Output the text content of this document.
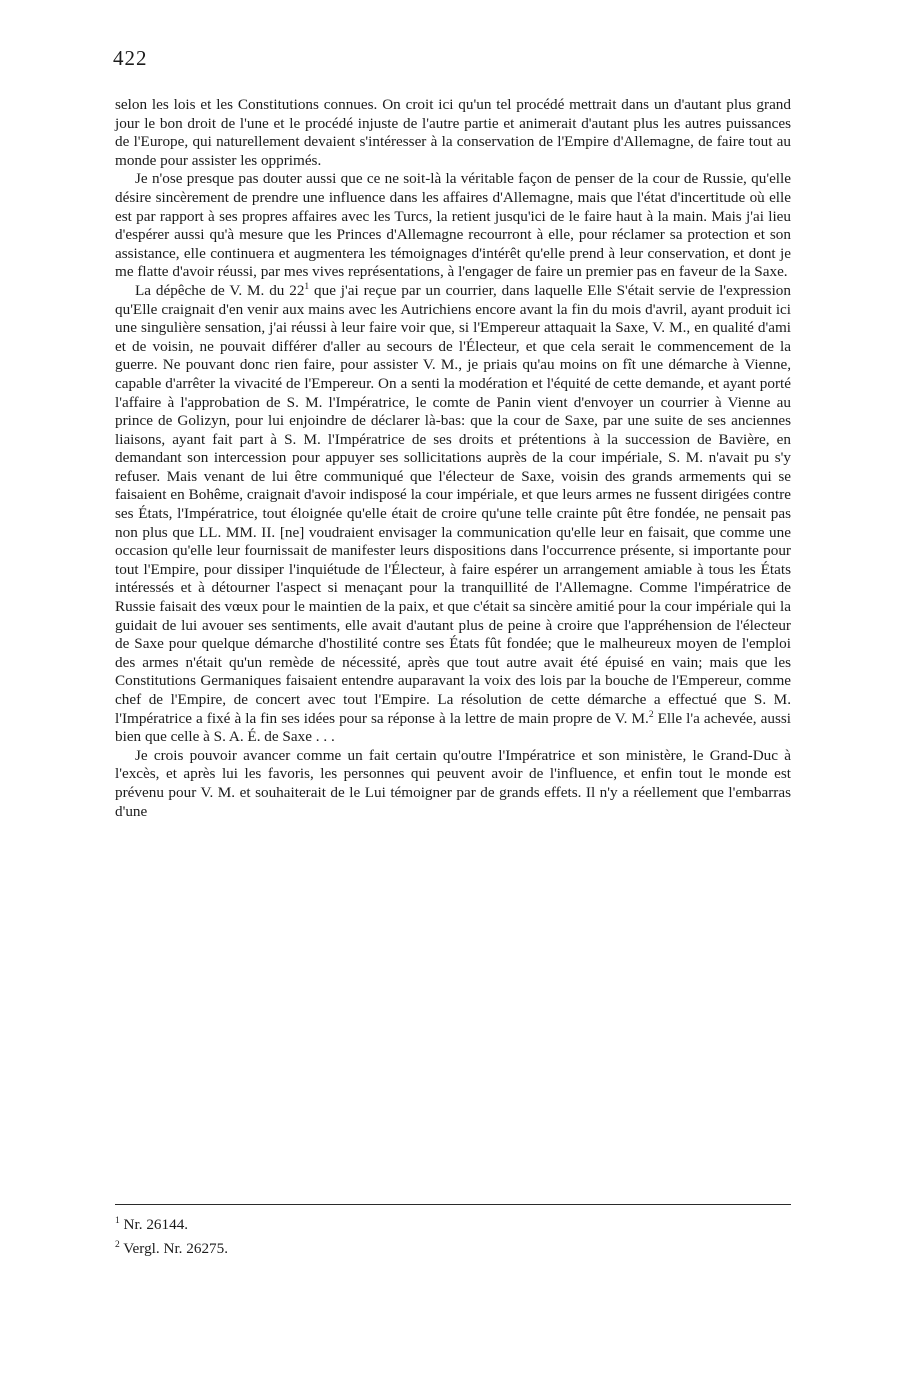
422

selon les lois et les Constitutions connues. On croit ici qu'un tel procédé mettrait dans un d'autant plus grand jour le bon droit de l'une et le procédé injuste de l'autre partie et animerait d'autant plus les autres puissances de l'Europe, qui naturellement devaient s'intéresser à la conservation de l'Empire d'Allemagne, de faire tout au monde pour assister les opprimés.

Je n'ose presque pas douter aussi que ce ne soit-là la véritable façon de penser de la cour de Russie, qu'elle désire sincèrement de prendre une influence dans les affaires d'Allemagne, mais que l'état d'incertitude où elle est par rapport à ses propres affaires avec les Turcs, la retient jusqu'ici de le faire haut à la main. Mais j'ai lieu d'espérer aussi qu'à mesure que les Princes d'Allemagne recourront à elle, pour réclamer sa protection et son assistance, elle continuera et augmentera les témoignages d'intérêt qu'elle prend à leur conservation, et dont je me flatte d'avoir réussi, par mes vives représentations, à l'engager de faire un premier pas en faveur de la Saxe.

La dépêche de V. M. du $22^1$ que j'ai reçue par un courrier, dans laquelle Elle S'était servie de l'expression qu'Elle craignait d'en venir aux mains avec les Autrichiens encore avant la fin du mois d'avril, ayant produit ici une singulière sensation, j'ai réussi à leur faire voir que, si l'Empereur attaquait la Saxe, V. M., en qualité d'ami et de voisin, ne pouvait différer d'aller au secours de l'Électeur, et que cela serait le commencement de la guerre. Ne pouvant donc rien faire, pour assister V. M., je priais qu'au moins on fît une démarche à Vienne, capable d'arrêter la vivacité de l'Empereur. On a senti la modération et l'équité de cette demande, et ayant porté l'affaire à l'approbation de S. M. l'Impératrice, le comte de Panin vient d'envoyer un courrier à Vienne au prince de Golizyn, pour lui enjoindre de déclarer là-bas: que la cour de Saxe, par une suite de ses anciennes liaisons, ayant fait part à S. M. l'Impératrice de ses droits et prétentions à la succession de Bavière, en demandant son intercession pour appuyer ses sollicitations auprès de la cour impériale, S. M. n'avait pu s'y refuser. Mais venant de lui être communiqué que l'électeur de Saxe, voisin des grands armements qui se faisaient en Bohême, craignait d'avoir indisposé la cour impériale, et que leurs armes ne fussent dirigées contre ses États, l'Impératrice, tout éloignée qu'elle était de croire qu'une telle crainte pût être fondée, ne pensait pas non plus que LL. MM. II. [ne] voudraient envisager la communication qu'elle leur en faisait, que comme une occasion qu'elle leur fournissait de manifester leurs dispositions dans l'occurrence présente, si importante pour tout l'Empire, pour dissiper l'inquiétude de l'Électeur, à faire espérer un arrangement amiable à tous les États intéressés et à détourner l'aspect si menaçant pour la tranquillité de l'Allemagne. Comme l'impératrice de Russie faisait des vœux pour le maintien de la paix, et que c'était sa sincère amitié pour la cour impériale qui la guidait de lui avouer ses sentiments, elle avait d'autant plus de peine à croire que l'appréhension de l'électeur de Saxe pour quelque démarche d'hostilité contre ses États fût fondée; que le malheureux moyen de l'emploi des armes n'était qu'un remède de nécessité, après que tout autre avait été épuisé en vain; mais que les Constitutions Germaniques faisaient entendre auparavant la voix des lois par la bouche de l'Empereur, comme chef de l'Empire, de concert avec tout l'Empire. La résolution de cette démarche a effectué que S. M. l'Impératrice a fixé à la fin ses idées pour sa réponse à la lettre de main propre de V. M.$^2$ Elle l'a achevée, aussi bien que celle à S. A. É. de Saxe . . .

Je crois pouvoir avancer comme un fait certain qu'outre l'Impératrice et son ministère, le Grand-Duc à l'excès, et après lui les favoris, les personnes qui peuvent avoir de l'influence, et enfin tout le monde est prévenu pour V. M. et souhaiterait de le Lui témoigner par de grands effets. Il n'y a réellement que l'embarras d'une

$^1$ Nr. 26144.
$^2$ Vergl. Nr. 26275.
